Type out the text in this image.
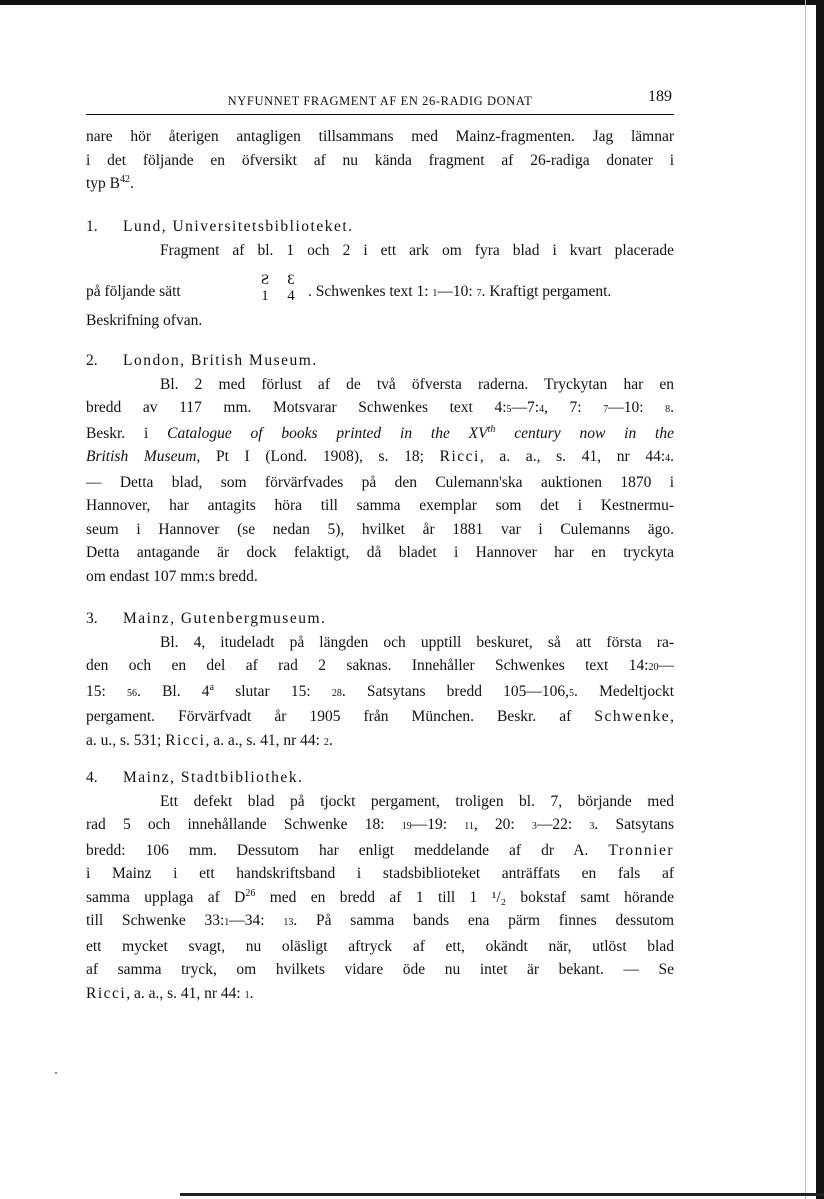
NYFUNNET FRAGMENT AF EN 26-RADIG DONAT	189
nare hör återigen antagligen tillsammans med Mainz-fragmenten. Jag lämnar
i det följande en öfversikt af nu kända fragment af 26-radiga donater i
typ $B^{42}$.
1. Lund, Universitetsbiblioteket.
Fragment af bl. 1 och 2 i ett ark om fyra blad i kvart placerade
på följande sätt
Ƨ
1
Ɛ
4 . Schwenkes text 1: 1—10: 7. Kraftigt pergament.
Beskrifning ofvan.
2. London, British Museum.
Bl. 2 med förlust af de två öfversta raderna. Tryckytan har en
bredd av 117 mm. Motsvarar Schwenkes text 4:5—7:4, 7: 7—10: 8.
Beskr. i Catalogue of books printed in the XVth century now in the
British Museum, Pt I (Lond. 1908), s. 18; Ricci, a. a., s. 41, nr 44:4.
— Detta blad, som förvärfvades på den Culemann'ska auktionen 1870 i
Hannover, har antagits höra till samma exemplar som det i Kestnermu-
seum i Hannover (se nedan 5), hvilket år 1881 var i Culemanns ägo.
Detta antagande är dock felaktigt, då bladet i Hannover har en tryckyta
om endast 107 mm:s bredd.
3. Mainz, Gutenbergmuseum.
Bl. 4, itudeladt på längden och upptill beskuret, så att första ra-
den och en del af rad 2 saknas. Innehåller Schwenkes text 14:20—
15: 56. Bl. 4$^a$ slutar 15: 28. Satsytans bredd 105—106,5. Medeltjockt
pergament. Förvärfvadt år 1905 från München. Beskr. af Schwenke,
a. u., s. 531; Ricci, a. a., s. 41, nr 44: 2.
4. Mainz, Stadtbibliothek.
Ett defekt blad på tjockt pergament, troligen bl. 7, börjande med
rad 5 och innehållande Schwenke 18: 19—19: 11, 20: 3—22: 3. Satsytans
bredd: 106 mm. Dessutom har enligt meddelande af dr A. Tronnier
i Mainz i ett handskriftsband i stadsbiblioteket anträffats en fals af
samma upplaga af $D^{26}$ med en bredd af 1 till 1 ¹/₂ bokstaf samt hörande
till Schwenke 33:1—34: 13. På samma bands ena pärm finnes dessutom
ett mycket svagt, nu oläsligt aftryck af ett, okändt när, utlöst blad
af samma tryck, om hvilkets vidare öde nu intet är bekant. — Se
Ricci, a. a., s. 41, nr 44: 1.
